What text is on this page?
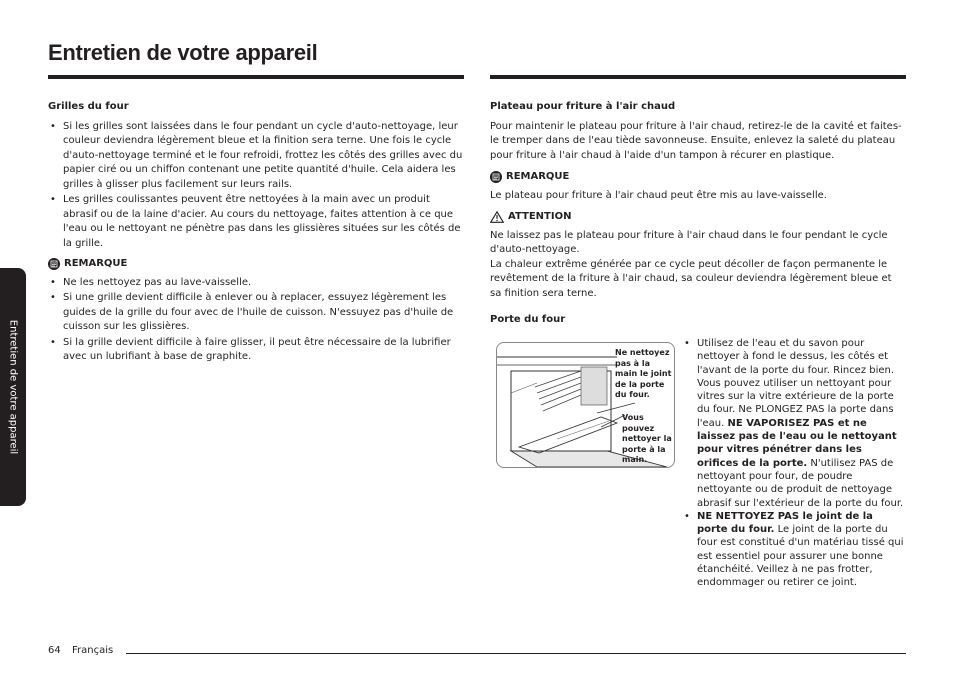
Entretien de votre appareil
Entretien de votre appareil
Grilles du four
• Si les grilles sont laissées dans le four pendant un cycle d'auto-nettoyage, leur couleur deviendra légèrement bleue et la finition sera terne. Une fois le cycle d'auto-nettoyage terminé et le four refroidi, frottez les côtés des grilles avec du papier ciré ou un chiffon contenant une petite quantité d'huile. Cela aidera les grilles à glisser plus facilement sur leurs rails.
• Les grilles coulissantes peuvent être nettoyées à la main avec un produit abrasif ou de la laine d'acier. Au cours du nettoyage, faites attention à ce que l'eau ou le nettoyant ne pénètre pas dans les glissières situées sur les côtés de la grille.
REMARQUE
• Ne les nettoyez pas au lave-vaisselle.
• Si une grille devient difficile à enlever ou à replacer, essuyez légèrement les guides de la grille du four avec de l'huile de cuisson. N'essuyez pas d'huile de cuisson sur les glissières.
• Si la grille devient difficile à faire glisser, il peut être nécessaire de la lubrifier avec un lubrifiant à base de graphite.
Plateau pour friture à l'air chaud

Pour maintenir le plateau pour friture à l'air chaud, retirez-le de la cavité et faites-le tremper dans de l'eau tiède savonneuse. Ensuite, enlevez la saleté du plateau pour friture à l'air chaud à l'aide d'un tampon à récurer en plastique.

REMARQUE

Le plateau pour friture à l'air chaud peut être mis au lave-vaisselle.

ATTENTION

Ne laissez pas le plateau pour friture à l'air chaud dans le four pendant le cycle d'auto-nettoyage.

La chaleur extrême générée par ce cycle peut décoller de façon permanente le revêtement de la friture à l'air chaud, sa couleur deviendra légèrement bleue et sa finition sera terne.

Porte du four
Ne nettoyez pas à la main le joint de la porte du four.
Vous pouvez nettoyer la porte à la main.
• Utilisez de l'eau et du savon pour nettoyer à fond le dessus, les côtés et l'avant de la porte du four. Rincez bien. Vous pouvez utiliser un nettoyant pour vitres sur la vitre extérieure de la porte du four. Ne PLONGEZ PAS la porte dans l'eau. NE VAPORISEZ PAS et ne laissez pas de l'eau ou le nettoyant pour vitres pénétrer dans les orifices de la porte. N'utilisez PAS de nettoyant pour four, de poudre nettoyante ou de produit de nettoyage abrasif sur l'extérieur de la porte du four.
• NE NETTOYEZ PAS le joint de la porte du four. Le joint de la porte du four est constitué d'un matériau tissé qui est essentiel pour assurer une bonne étanchéité. Veillez à ne pas frotter, endommager ou retirer ce joint.
64 Français
